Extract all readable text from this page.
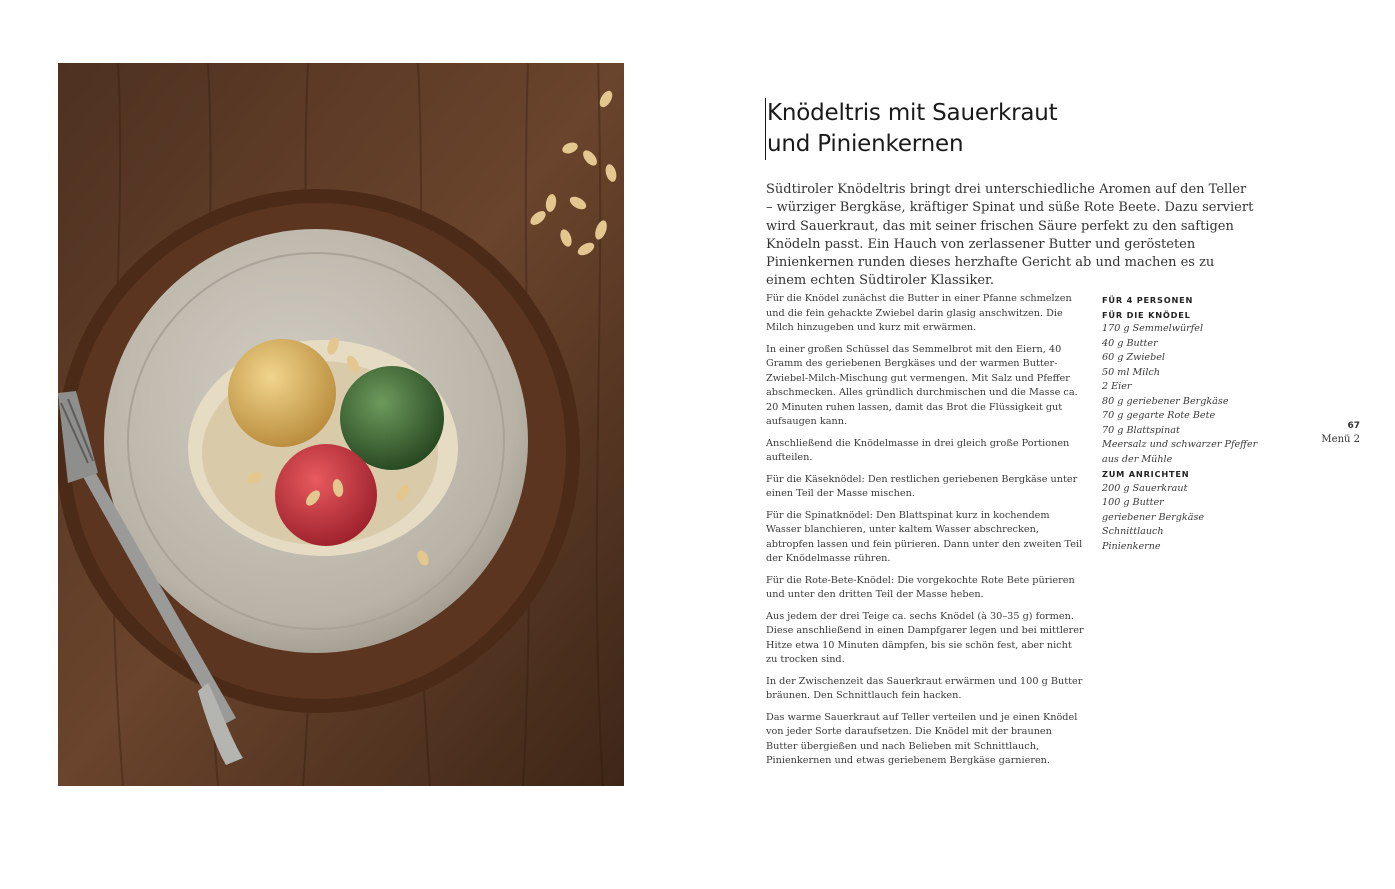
Knödeltris mit Sauerkraut
und Pinienkernen

Südtiroler Knödeltris bringt drei unterschiedliche Aromen auf den Teller – würziger Bergkäse, kräftiger Spinat und süße Rote Beete. Dazu serviert wird Sauerkraut, das mit seiner frischen Säure perfekt zu den saftigen Knödeln passt. Ein Hauch von zerlassener Butter und gerösteten Pinienkernen runden dieses herzhafte Gericht ab und machen es zu einem echten Südtiroler Klassiker.

Für die Knödel zunächst die Butter in einer Pfanne schmelzen und die fein gehackte Zwiebel darin glasig anschwitzen. Die Milch hinzugeben und kurz mit erwärmen.

In einer großen Schüssel das Semmelbrot mit den Eiern, 40 Gramm des geriebenen Bergkäses und der warmen Butter-Zwiebel-Milch-Mischung gut vermengen. Mit Salz und Pfeffer abschmecken. Alles gründlich durchmischen und die Masse ca. 20 Minuten ruhen lassen, damit das Brot die Flüssigkeit gut aufsaugen kann.

Anschließend die Knödelmasse in drei gleich große Portionen aufteilen.

Für die Käseknödel: Den restlichen geriebenen Bergkäse unter einen Teil der Masse mischen.

Für die Spinatknödel: Den Blattspinat kurz in kochendem Wasser blanchieren, unter kaltem Wasser abschrecken, abtropfen lassen und fein pürieren. Dann unter den zweiten Teil der Knödelmasse rühren.

Für die Rote-Bete-Knödel: Die vorgekochte Rote Bete pürieren und unter den dritten Teil der Masse heben.

Aus jedem der drei Teige ca. sechs Knödel (à 30–35 g) formen. Diese anschließend in einen Dampfgarer legen und bei mittlerer Hitze etwa 10 Minuten dämpfen, bis sie schön fest, aber nicht zu trocken sind.

In der Zwischenzeit das Sauerkraut erwärmen und 100 g Butter bräunen. Den Schnittlauch fein hacken.

Das warme Sauerkraut auf Teller verteilen und je einen Knödel von jeder Sorte daraufsetzen. Die Knödel mit der braunen Butter übergießen und nach Belieben mit Schnittlauch, Pinienkernen und etwas geriebenem Bergkäse garnieren.

FÜR 4 PERSONEN
FÜR DIE KNÖDEL
170 g Semmelwürfel
40 g Butter
60 g Zwiebel
50 ml Milch
2 Eier
80 g geriebener Bergkäse
70 g gegarte Rote Bete
70 g Blattspinat
Meersalz und schwarzer Pfeffer
aus der Mühle
ZUM ANRICHTEN
200 g Sauerkraut
100 g Butter
geriebener Bergkäse
Schnittlauch
Pinienkerne
67
Menü 2
